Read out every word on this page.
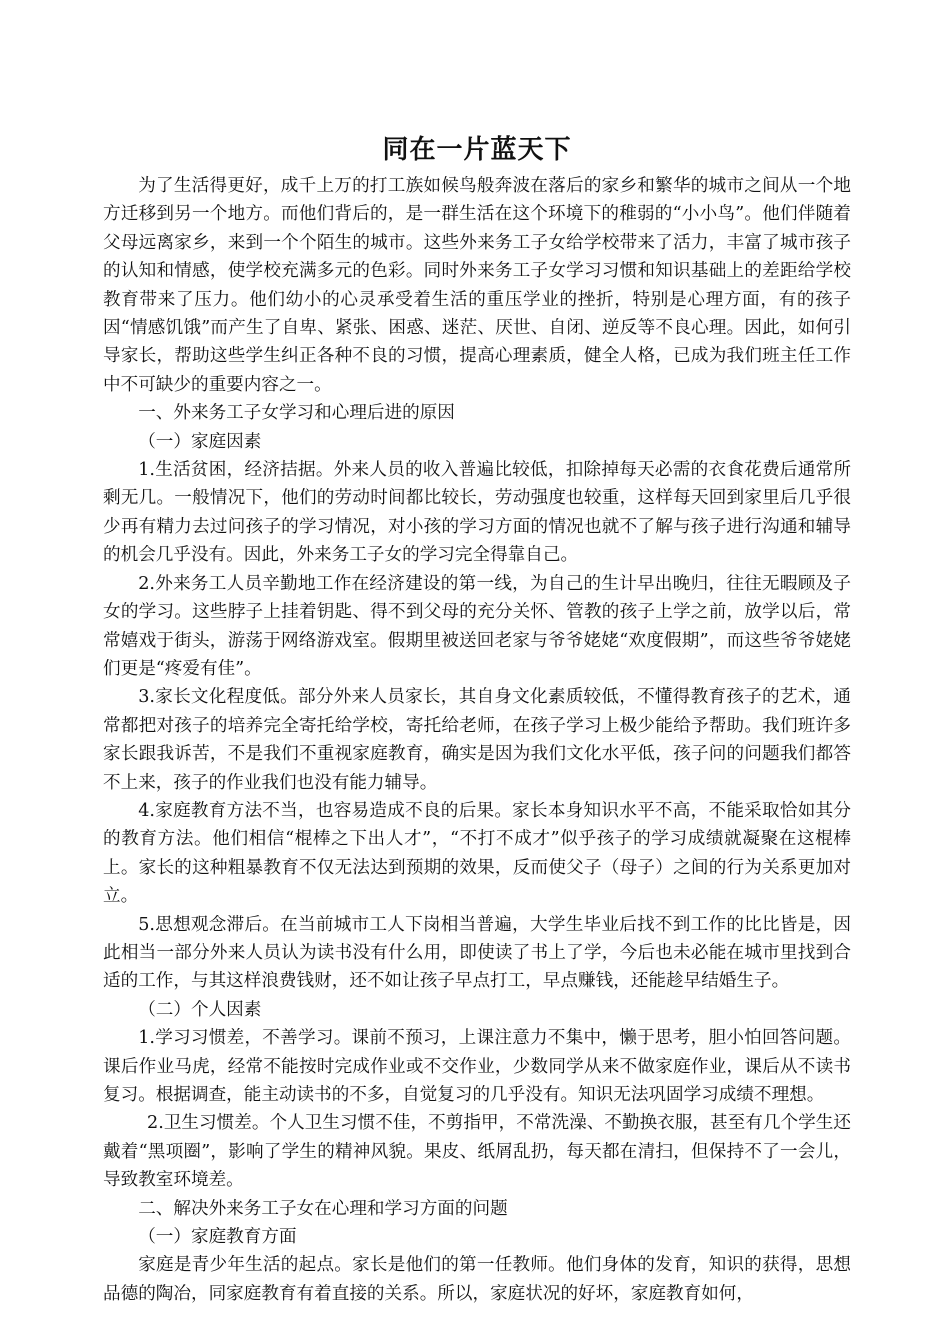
同在一片蓝天下

为了生活得更好，成千上万的打工族如候鸟般奔波在落后的家乡和繁华的城市之间从一个地方迁移到另一个地方。而他们背后的，是一群生活在这个环境下的稚弱的“小小鸟”。他们伴随着父母远离家乡，来到一个个陌生的城市。这些外来务工子女给学校带来了活力，丰富了城市孩子的认知和情感，使学校充满多元的色彩。同时外来务工子女学习习惯和知识基础上的差距给学校教育带来了压力。他们幼小的心灵承受着生活的重压学业的挫折，特别是心理方面，有的孩子因“情感饥饿”而产生了自卑、紧张、困惑、迷茫、厌世、自闭、逆反等不良心理。因此，如何引导家长，帮助这些学生纠正各种不良的习惯，提高心理素质，健全人格，已成为我们班主任工作中不可缺少的重要内容之一。

一、外来务工子女学习和心理后进的原因

（一）家庭因素

1.生活贫困，经济拮据。外来人员的收入普遍比较低，扣除掉每天必需的衣食花费后通常所剩无几。一般情况下，他们的劳动时间都比较长，劳动强度也较重，这样每天回到家里后几乎很少再有精力去过问孩子的学习情况，对小孩的学习方面的情况也就不了解与孩子进行沟通和辅导的机会几乎没有。因此，外来务工子女的学习完全得靠自己。

2.外来务工人员辛勤地工作在经济建设的第一线，为自己的生计早出晚归，往往无暇顾及子女的学习。这些脖子上挂着钥匙、得不到父母的充分关怀、管教的孩子上学之前，放学以后，常常嬉戏于街头，游荡于网络游戏室。假期里被送回老家与爷爷姥姥“欢度假期”，而这些爷爷姥姥们更是“疼爱有佳”。

3.家长文化程度低。部分外来人员家长，其自身文化素质较低，不懂得教育孩子的艺术，通常都把对孩子的培养完全寄托给学校，寄托给老师，在孩子学习上极少能给予帮助。我们班许多家长跟我诉苦，不是我们不重视家庭教育，确实是因为我们文化水平低，孩子问的问题我们都答不上来，孩子的作业我们也没有能力辅导。

4.家庭教育方法不当，也容易造成不良的后果。家长本身知识水平不高，不能采取恰如其分的教育方法。他们相信“棍棒之下出人才”，“不打不成才”似乎孩子的学习成绩就凝聚在这棍棒上。家长的这种粗暴教育不仅无法达到预期的效果，反而使父子（母子）之间的行为关系更加对立。

5.思想观念滞后。在当前城市工人下岗相当普遍，大学生毕业后找不到工作的比比皆是，因此相当一部分外来人员认为读书没有什么用，即使读了书上了学，今后也未必能在城市里找到合适的工作，与其这样浪费钱财，还不如让孩子早点打工，早点赚钱，还能趁早结婚生子。

（二）个人因素

1.学习习惯差，不善学习。课前不预习，上课注意力不集中，懒于思考，胆小怕回答问题。课后作业马虎，经常不能按时完成作业或不交作业，少数同学从来不做家庭作业，课后从不读书复习。根据调查，能主动读书的不多，自觉复习的几乎没有。知识无法巩固学习成绩不理想。

2.卫生习惯差。个人卫生习惯不佳，不剪指甲，不常洗澡、不勤换衣服，甚至有几个学生还戴着“黑项圈”，影响了学生的精神风貌。果皮、纸屑乱扔，每天都在清扫，但保持不了一会儿，导致教室环境差。

二、解决外来务工子女在心理和学习方面的问题

（一）家庭教育方面

家庭是青少年生活的起点。家长是他们的第一任教师。他们身体的发育，知识的获得，思想品德的陶冶，同家庭教育有着直接的关系。所以，家庭状况的好坏，家庭教育如何，
